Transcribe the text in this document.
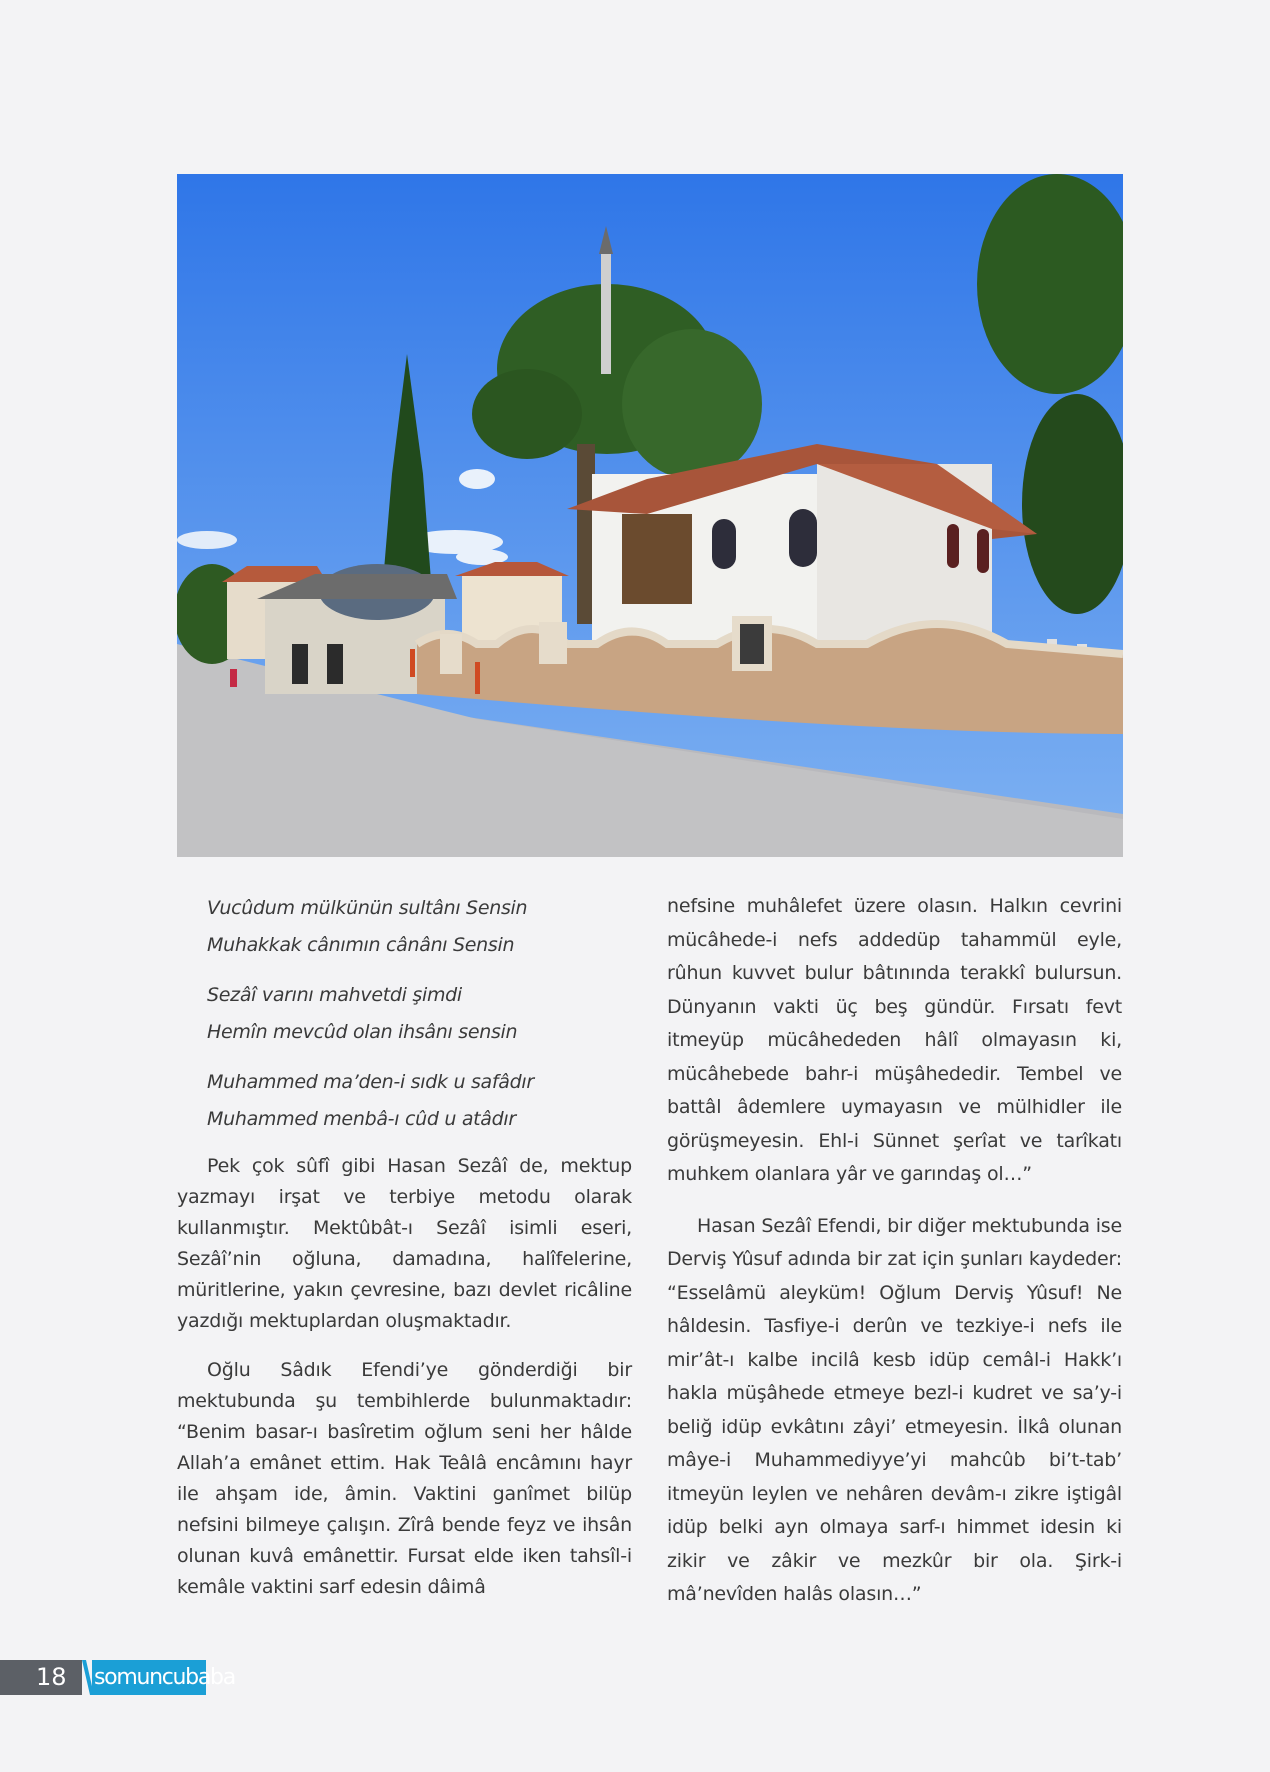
Vucûdum mülkünün sultânı Sensin

Muhakkak cânımın cânânı Sensin

Sezâî varını mahvetdi şimdi

Hemîn mevcûd olan ihsânı sensin

Muhammed ma’den-i sıdk u safâdır

Muhammed menbâ-ı cûd u atâdır

Pek çok sûfî gibi Hasan Sezâî de, mektup yazmayı irşat ve terbiye metodu olarak kullanmıştır. Mektûbât-ı Sezâî isimli eseri, Sezâî’nin oğluna, damadına, halîfelerine, müritlerine, yakın çevresine, bazı devlet ricâline yazdığı mektuplardan oluşmaktadır.

Oğlu Sâdık Efendi’ye gönderdiği bir mektubunda şu tembihlerde bulunmaktadır: “Benim basar-ı basîretim oğlum seni her hâlde Allah’a emânet ettim. Hak Teâlâ encâmını hayr ile ahşam ide, âmin. Vaktini ganîmet bilüp nefsini bilmeye çalışın. Zîrâ bende feyz ve ihsân olunan kuvâ emânettir. Fursat elde iken tahsîl-i kemâle vaktini sarf edesin dâimâ

nefsine muhâlefet üzere olasın. Halkın cevrini mücâhede-i nefs addedüp tahammül eyle, rûhun kuvvet bulur bâtınında terakkî bulursun. Dünyanın vakti üç beş gündür. Fırsatı fevt itmeyüp mücâhededen hâlî olmayasın ki, mücâhebede bahr-i müşâhededir. Tembel ve battâl âdemlere uymayasın ve mülhidler ile görüşmeyesin. Ehl-i Sünnet şerîat ve tarîkatı muhkem olanlara yâr ve garındaş ol…”

Hasan Sezâî Efendi, bir diğer mektubunda ise Derviş Yûsuf adında bir zat için şunları kaydeder: “Esselâmü aleyküm! Oğlum Derviş Yûsuf! Ne hâldesin. Tasfiye-i derûn ve tezkiye-i nefs ile mir’ât-ı kalbe incilâ kesb idüp cemâl-i Hakk’ı hakla müşâhede etmeye bezl-i kudret ve sa’y-i beliğ idüp evkâtını zâyi’ etmeyesin. İlkâ olunan mâye-i Muhammediyye’yi mahcûb bi’t-tab’ itmeyün leylen ve nehâren devâm-ı zikre iştigâl idüp belki ayn olmaya sarf-ı himmet idesin ki zikir ve zâkir ve mezkûr bir ola. Şirk-i mâ’nevîden halâs olasın…”

18	somuncubaba
